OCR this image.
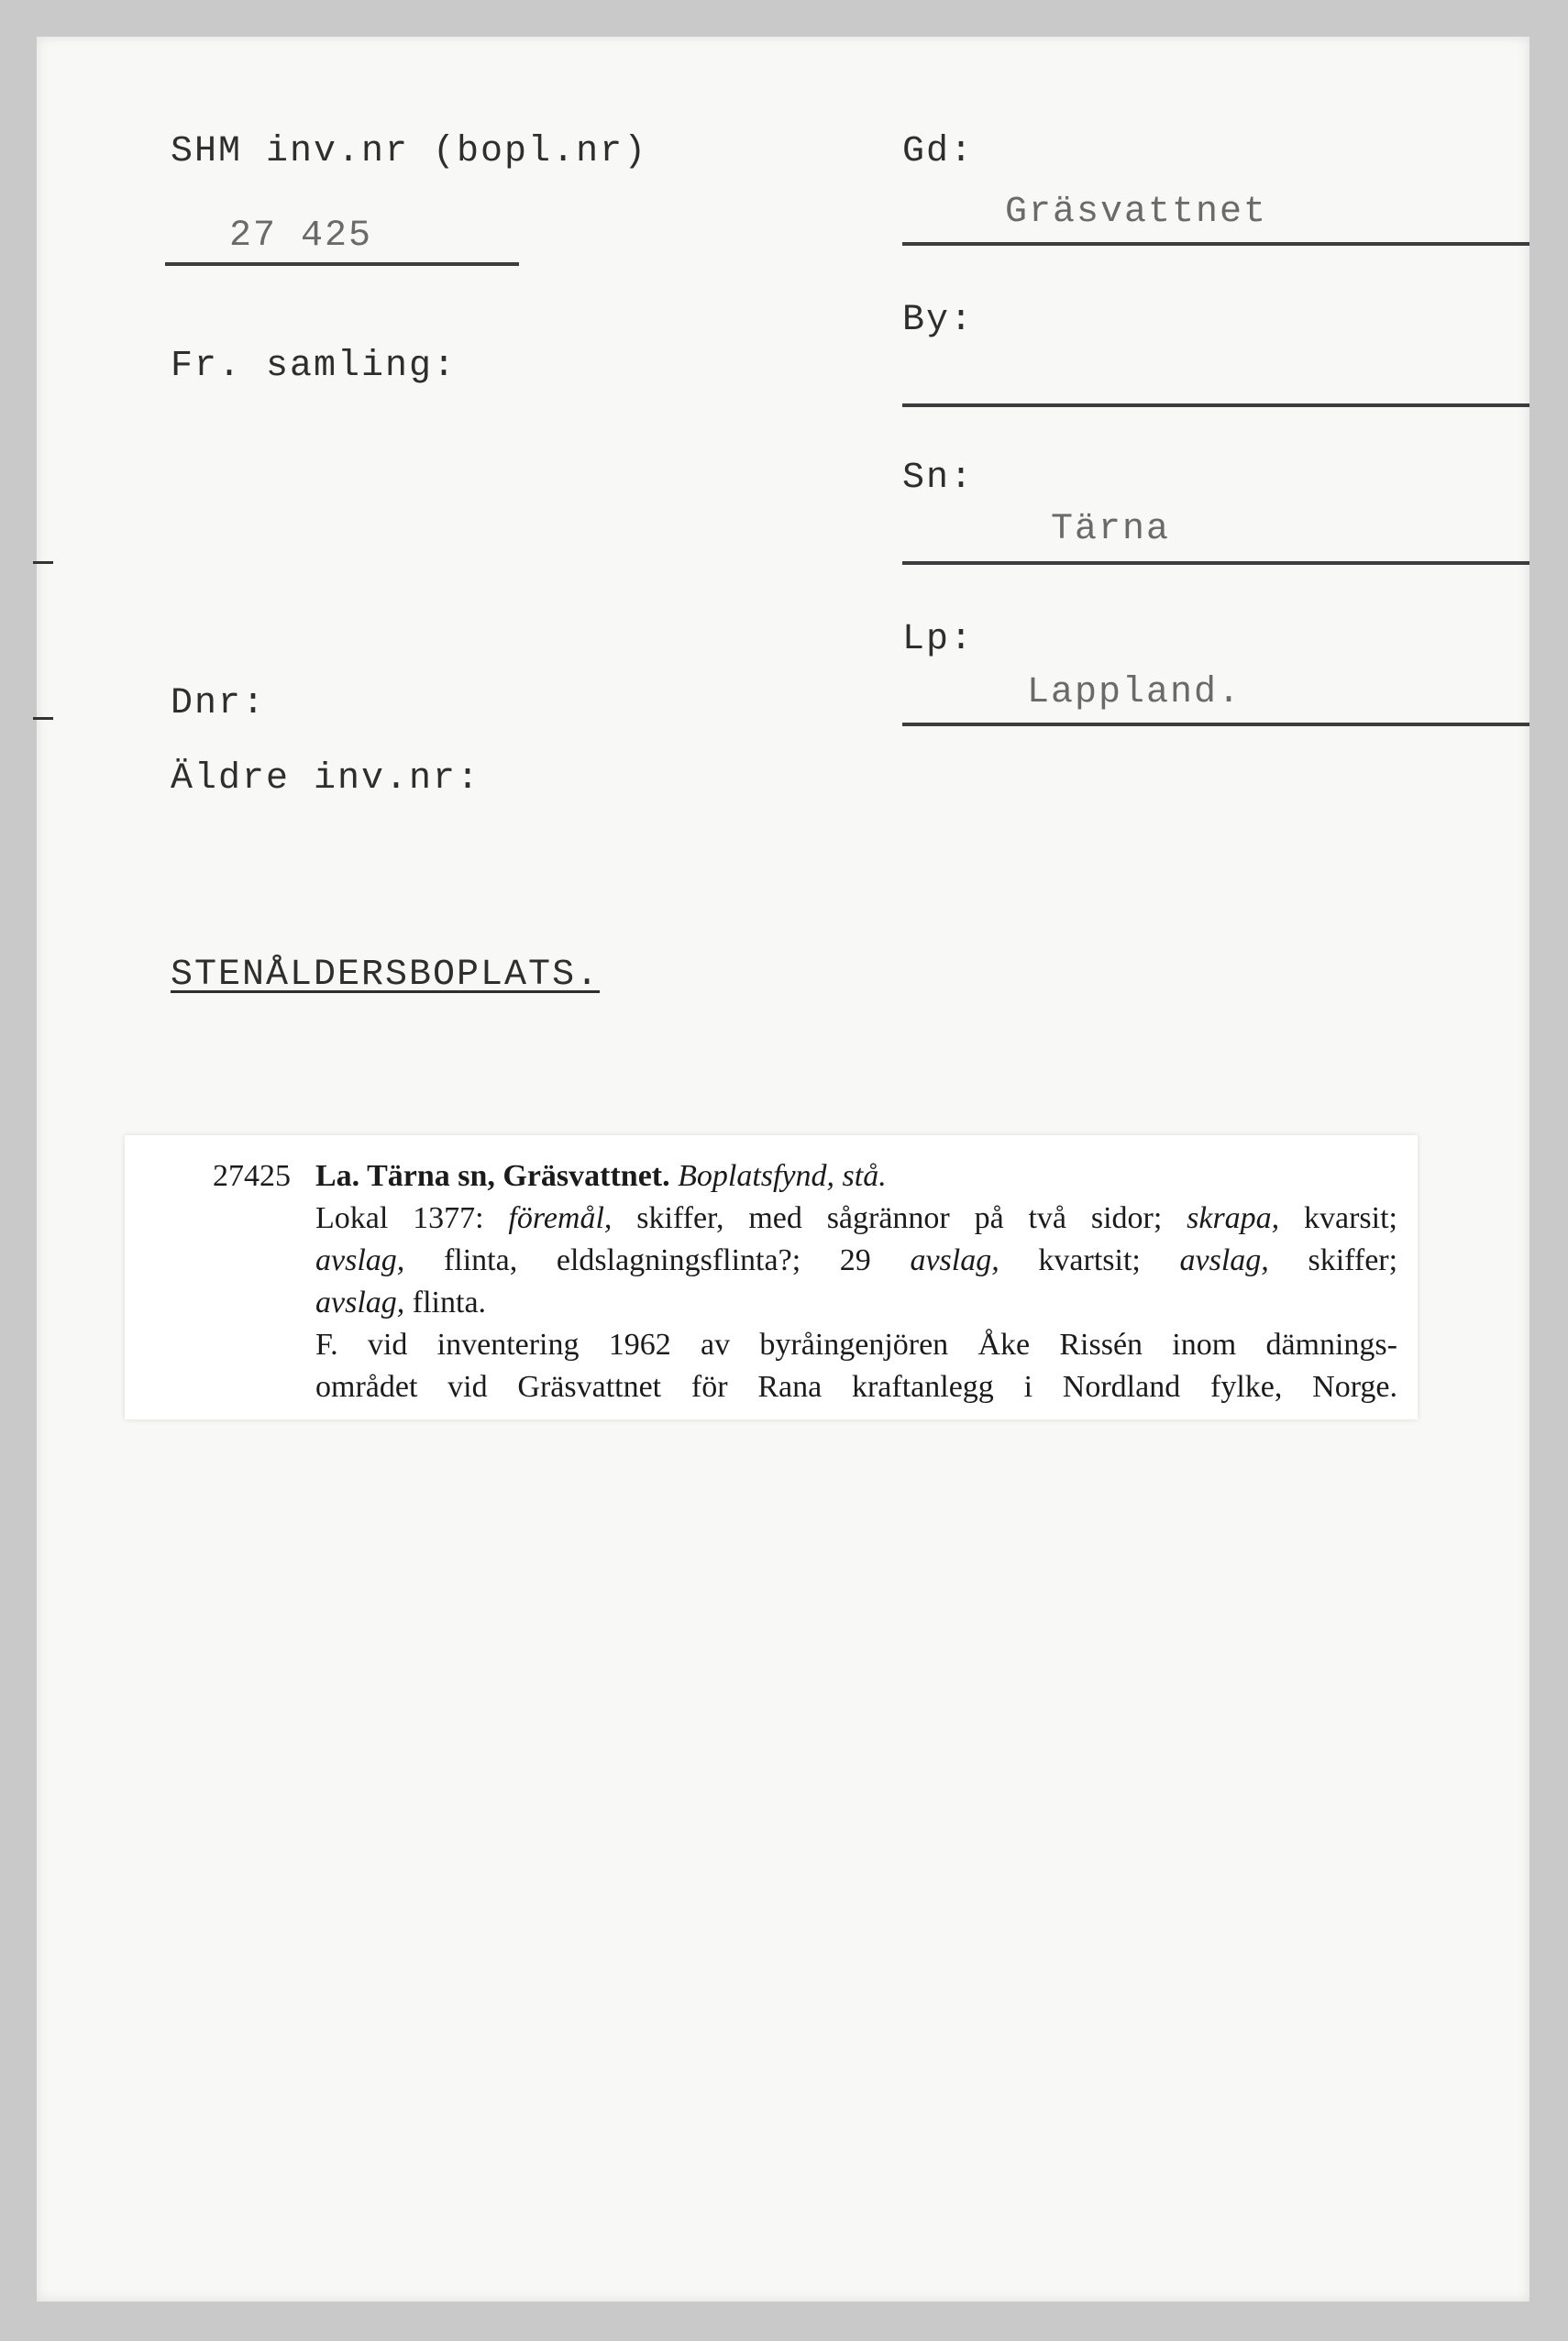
SHM inv.nr (bopl.nr)
27 425
Fr. samling:
Dnr:
Äldre inv.nr:
STENÅLDERSBOPLATS.
Gd:
Gräsvattnet
By:
Sn:
Tärna
Lp:
Lappland.
27425 La. Tärna sn, Gräsvattnet. Boplatsfynd, stå.
Lokal 1377: föremål, skiffer, med sågrännor på två sidor; skrapa, kvarsit;
avslag, flinta, eldslagningsflinta?; 29 avslag, kvartsit; avslag, skiffer;
avslag, flinta.
F. vid inventering 1962 av byråingenjören Åke Rissén inom dämnings-
området vid Gräsvattnet för Rana kraftanlegg i Nordland fylke, Norge.
